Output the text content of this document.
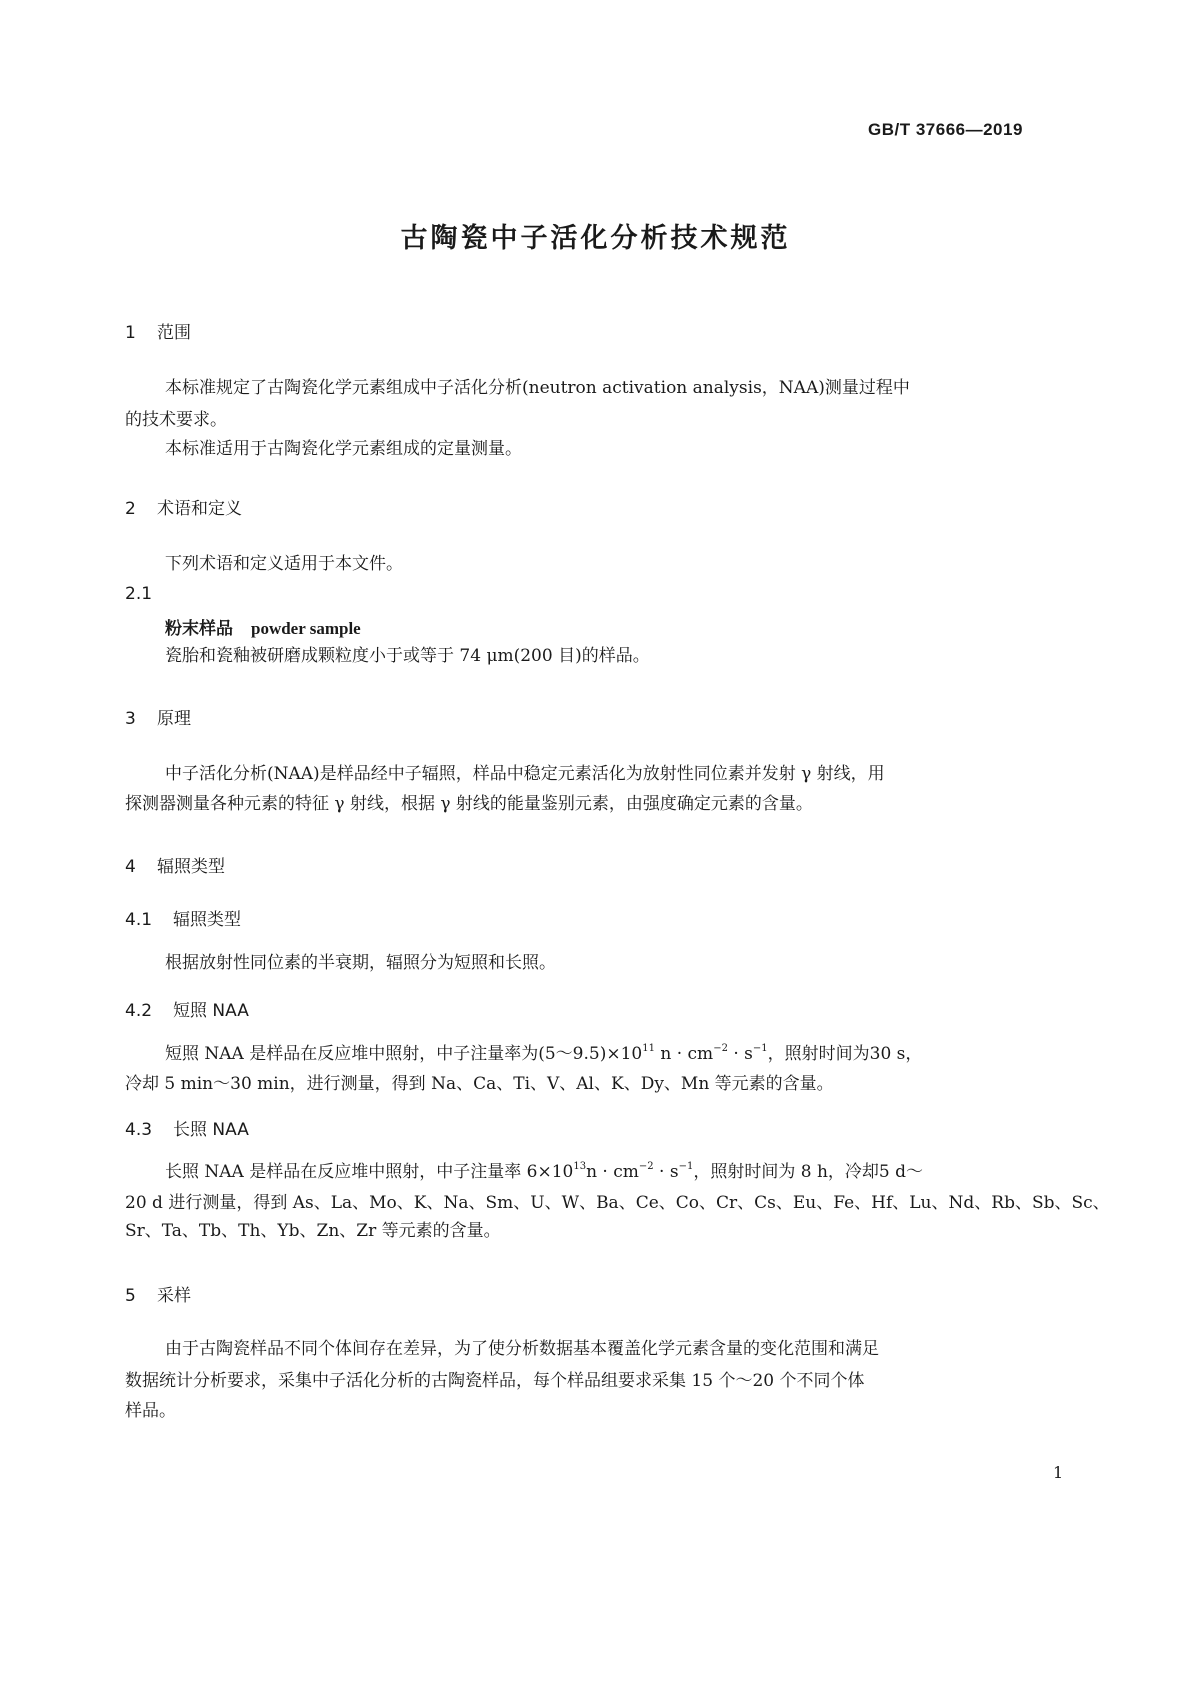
GB/T 37666—2019
古陶瓷中子活化分析技术规范
1 范围
本标准规定了古陶瓷化学元素组成中子活化分析(neutron activation analysis，NAA)测量过程中
的技术要求。
本标准适用于古陶瓷化学元素组成的定量测量。
2 术语和定义
下列术语和定义适用于本文件。
2.1
粉末样品 powder sample
瓷胎和瓷釉被研磨成颗粒度小于或等于 74 μm(200 目)的样品。
3 原理
中子活化分析(NAA)是样品经中子辐照，样品中稳定元素活化为放射性同位素并发射 γ 射线，用
探测器测量各种元素的特征 γ 射线，根据 γ 射线的能量鉴别元素，由强度确定元素的含量。
4 辐照类型
4.1 辐照类型
根据放射性同位素的半衰期，辐照分为短照和长照。
4.2 短照 NAA
短照 NAA 是样品在反应堆中照射，中子注量率为$(5\sim 9.5)\times 10^{11}$ $n \cdot cm^{-2} \cdot s^{-1}$，照射时间为30 s，
冷却 5 min～30 min，进行测量，得到 Na、Ca、Ti、V、Al、K、Dy、Mn 等元素的含量。
4.3 长照 NAA
长照 NAA 是样品在反应堆中照射，中子注量率 $6\times 10^{13}n \cdot cm^{-2} \cdot s^{-1}$，照射时间为 8 h，冷却5 d～
20 d 进行测量，得到 As、La、Mo、K、Na、Sm、U、W、Ba、Ce、Co、Cr、Cs、Eu、Fe、Hf、Lu、Nd、Rb、Sb、Sc、
Sr、Ta、Tb、Th、Yb、Zn、Zr 等元素的含量。
5 采样
由于古陶瓷样品不同个体间存在差异，为了使分析数据基本覆盖化学元素含量的变化范围和满足
数据统计分析要求，采集中子活化分析的古陶瓷样品，每个样品组要求采集 15 个～20 个不同个体
样品。
1
